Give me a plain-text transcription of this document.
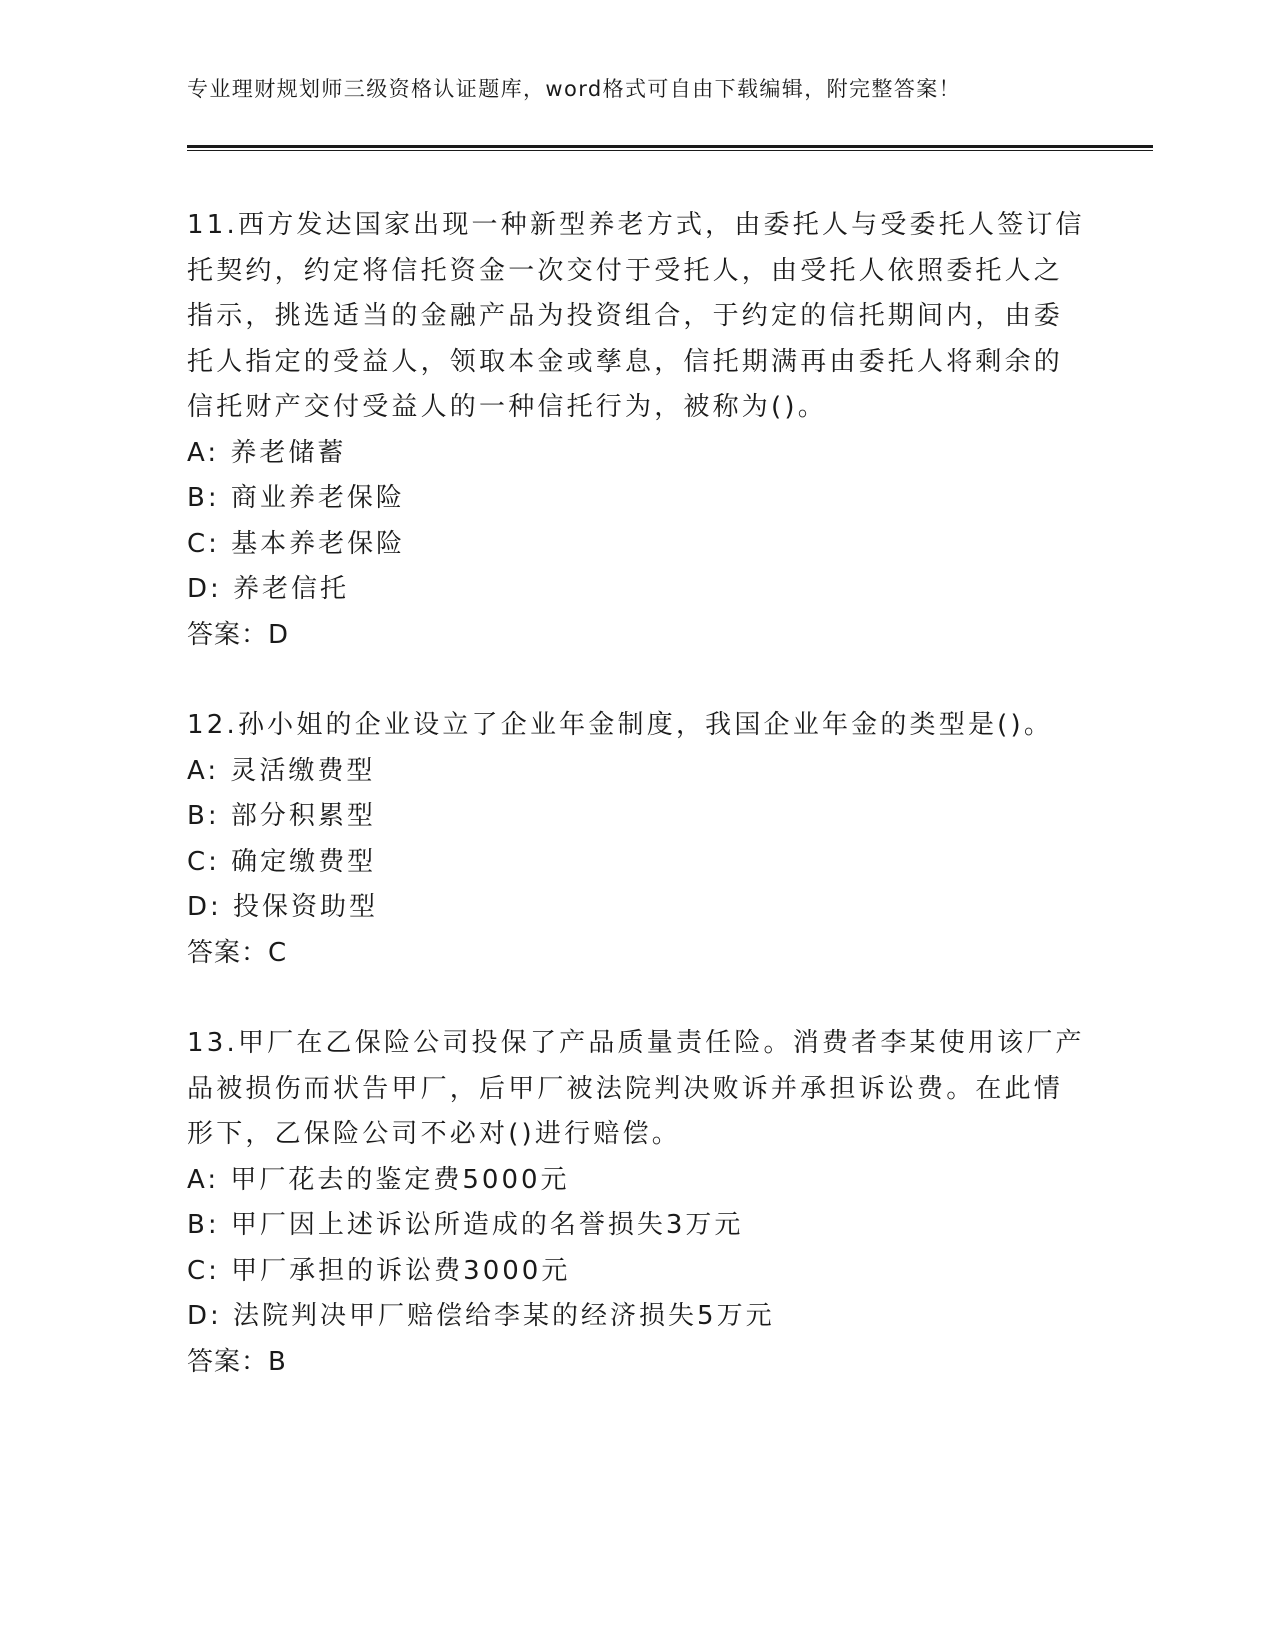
专业理财规划师三级资格认证题库，word格式可自由下载编辑，附完整答案！
11.西方发达国家出现一种新型养老方式，由委托人与受委托人签订信
托契约，约定将信托资金一次交付于受托人，由受托人依照委托人之
指示，挑选适当的金融产品为投资组合，于约定的信托期间内，由委
托人指定的受益人，领取本金或孳息，信托期满再由委托人将剩余的
信托财产交付受益人的一种信托行为，被称为()。
A: 养老储蓄
B: 商业养老保险
C: 基本养老保险
D: 养老信托
答案：D
12.孙小姐的企业设立了企业年金制度，我国企业年金的类型是()。
A: 灵活缴费型
B: 部分积累型
C: 确定缴费型
D: 投保资助型
答案：C
13.甲厂在乙保险公司投保了产品质量责任险。消费者李某使用该厂产
品被损伤而状告甲厂，后甲厂被法院判决败诉并承担诉讼费。在此情
形下，乙保险公司不必对()进行赔偿。
A: 甲厂花去的鉴定费5000元
B: 甲厂因上述诉讼所造成的名誉损失3万元
C: 甲厂承担的诉讼费3000元
D: 法院判决甲厂赔偿给李某的经济损失5万元
答案：B
